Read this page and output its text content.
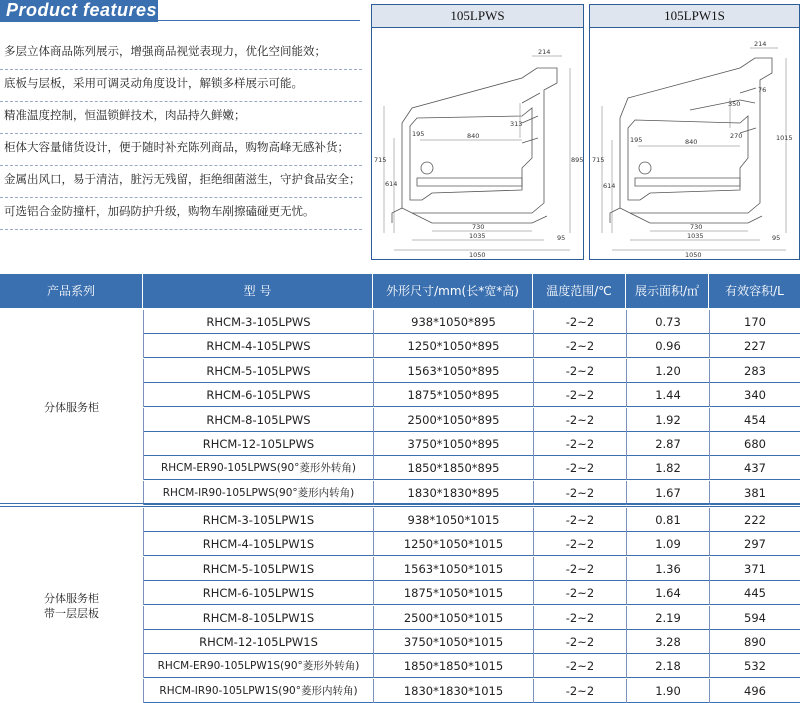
Product features
多层立体商品陈列展示，增强商品视觉表现力，优化空间能效；
底板与层板，采用可调灵动角度设计，解锁多样展示可能。
精准温度控制，恒温锁鲜技术，肉品持久鲜嫩；
柜体大容量储货设计，便于随时补充陈列商品，购物高峰无感补货；
金属出风口，易于清洁，脏污无残留，拒绝细菌滋生，守护食品安全；
可选铝合金防撞杆，加码防护升级，购物车剐擦磕碰更无忧。
105LPWS
214
715	895
614
313
195	840
730
1035
1050
95
105LPW1S
214
715
1015
614
350
270
195	840
730
1035
1050
95
76
产品系列	型 号	外形尺寸/mm(长*宽*高)	温度范围/℃	展示面积/㎡	有效容积/L
RHCM-3-105LPWS	938*1050*895	-2~2	0.73	170
RHCM-4-105LPWS	1250*1050*895	-2~2	0.96	227
RHCM-5-105LPWS	1563*1050*895	-2~2	1.20	283
RHCM-6-105LPWS	1875*1050*895	-2~2	1.44	340
RHCM-8-105LPWS	2500*1050*895	-2~2	1.92	454
RHCM-12-105LPWS	3750*1050*895	-2~2	2.87	680
RHCM-ER90-105LPWS(90°菱形外转角)	1850*1850*895	-2~2	1.82	437
RHCM-IR90-105LPWS(90°菱形内转角)	1830*1830*895	-2~2	1.67	381
分体服务柜
RHCM-3-105LPW1S	938*1050*1015	-2~2	0.81	222
RHCM-4-105LPW1S	1250*1050*1015	-2~2	1.09	297
RHCM-5-105LPW1S	1563*1050*1015	-2~2	1.36	371
RHCM-6-105LPW1S	1875*1050*1015	-2~2	1.64	445
RHCM-8-105LPW1S	2500*1050*1015	-2~2	2.19	594
RHCM-12-105LPW1S	3750*1050*1015	-2~2	3.28	890
RHCM-ER90-105LPW1S(90°菱形外转角)	1850*1850*1015	-2~2	2.18	532
RHCM-IR90-105LPW1S(90°菱形内转角)	1830*1830*1015	-2~2	1.90	496
分体服务柜
带一层层板
